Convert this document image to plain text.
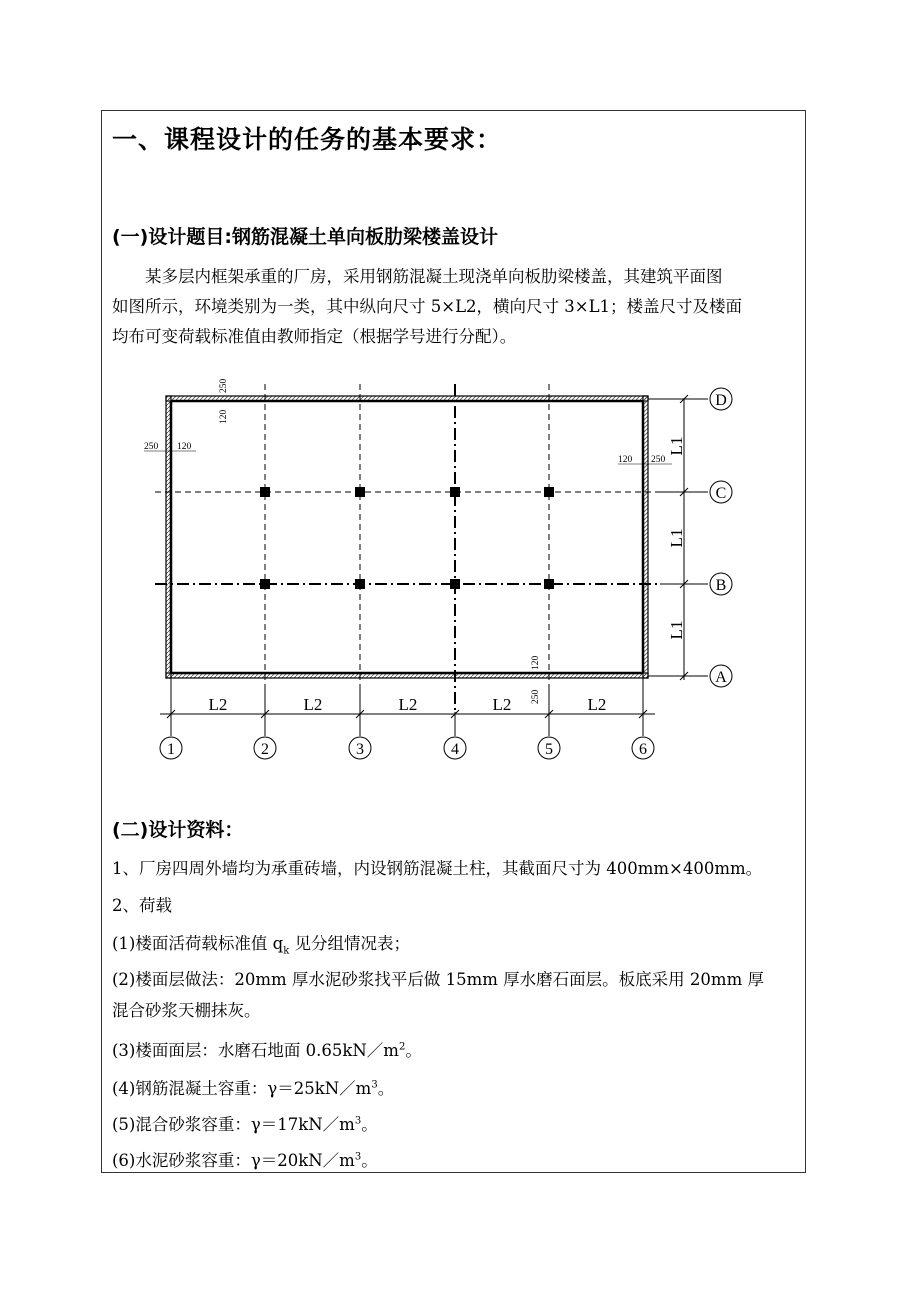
一、课程设计的任务的基本要求：
(一)设计题目:钢筋混凝土单向板肋梁楼盖设计

某多层内框架承重的厂房，采用钢筋混凝土现浇单向板肋梁楼盖，其建筑平面图

如图所示，环境类别为一类，其中纵向尺寸 5×L2，横向尺寸 3×L1；楼盖尺寸及楼面

均布可变荷载标准值由教师指定（根据学号进行分配）。

D
C
B
A
L1
L1
L1
L2	L2	L2	L2	L2
1	2	3	4	5	6
250
120
250 120
120 250
120
250
(二)设计资料：
1、厂房四周外墙均为承重砖墙，内设钢筋混凝土柱，其截面尺寸为 400mm×400mm。
2、荷载
(1)楼面活荷载标准值 $q_k$ 见分组情况表；
(2)楼面层做法：20mm 厚水泥砂浆找平后做 15mm 厚水磨石面层。板底采用 20mm 厚
混合砂浆天棚抹灰。
(3)楼面面层：水磨石地面 $0.65kN/m^2$。
(4)钢筋混凝土容重：$\gamma=25kN/m^3$。
(5)混合砂浆容重：$\gamma=17kN/m^3$。
(6)水泥砂浆容重：$\gamma=20kN/m^3$。
